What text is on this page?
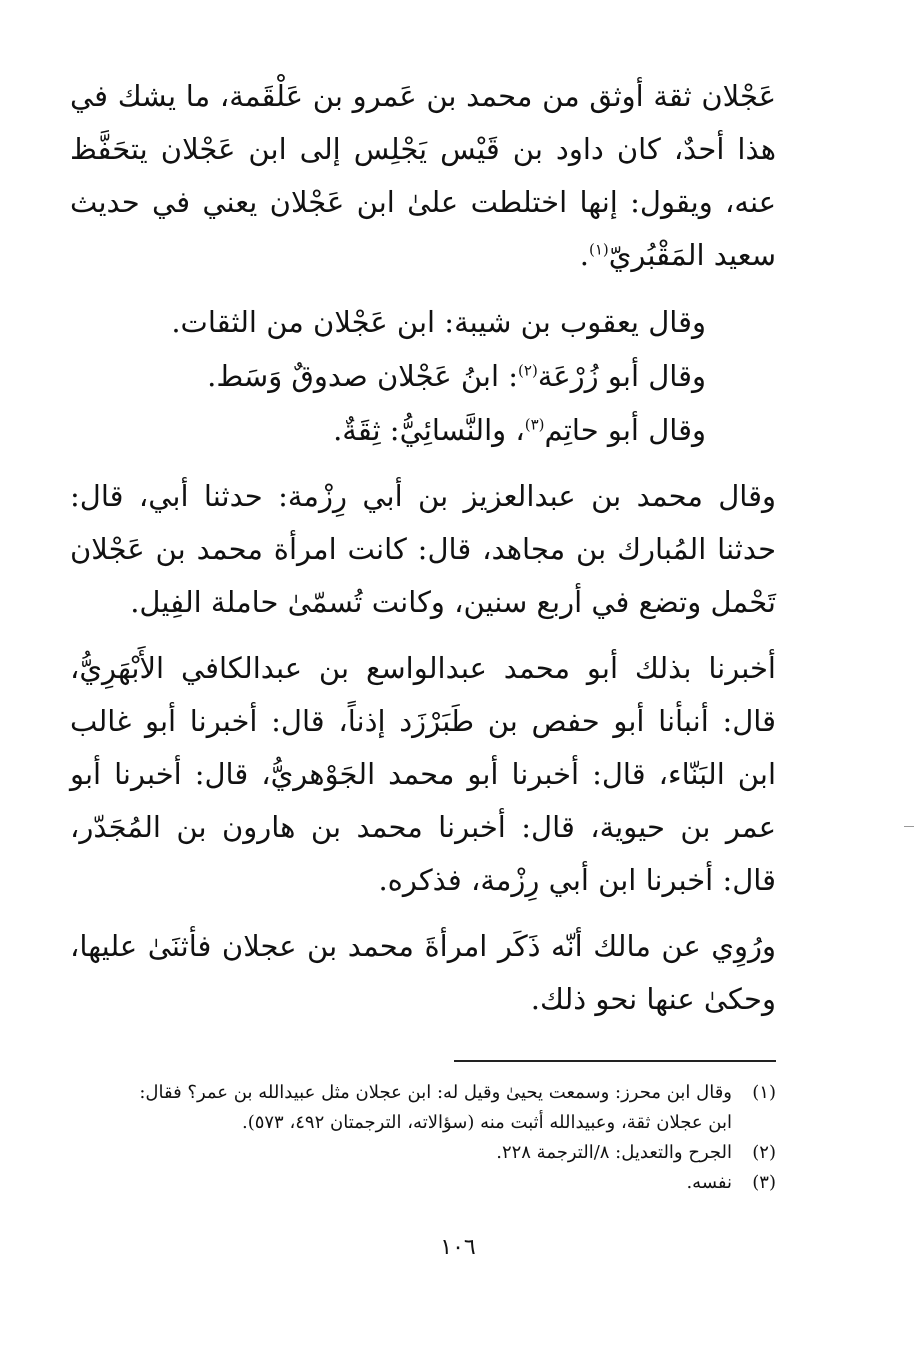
عَجْلان ثقة أوثق من محمد بن عَمرو بن عَلْقَمة، ما يشك في هذا أحدٌ، كان داود بن قَيْس يَجْلِس إلى ابن عَجْلان يتحَفَّظ عنه، ويقول: إنها اختلطت علىٰ ابن عَجْلان يعني في حديث سعيد المَقْبُريّ$^{(١)}$.

وقال يعقوب بن شيبة: ابن عَجْلان من الثقات.

وقال أبو زُرْعَة$^{(٢)}$: ابنُ عَجْلان صدوقٌ وَسَط.

وقال أبو حاتِم$^{(٣)}$، والنَّسائِيُّ: ثِقَةٌ.

وقال محمد بن عبدالعزيز بن أبي رِزْمة: حدثنا أبي، قال: حدثنا المُبارك بن مجاهد، قال: كانت امرأة محمد بن عَجْلان تَحْمل وتضع في أربع سنين، وكانت تُسمّىٰ حاملة الفِيل.

أخبرنا بذلك أبو محمد عبدالواسع بن عبدالكافي الأَبْهَرِيُّ، قال: أنبأنا أبو حفص بن طَبَرْزَد إذناً، قال: أخبرنا أبو غالب ابن البَنّاء، قال: أخبرنا أبو محمد الجَوْهريُّ، قال: أخبرنا أبو عمر بن حيوية، قال: أخبرنا محمد بن هارون بن المُجَدّر، قال: أخبرنا ابن أبي رِزْمة، فذكره.

ورُوِي عن مالك أنّه ذَكَر امرأةَ محمد بن عجلان فأثنَىٰ عليها، وحكىٰ عنها نحو ذلك.

(١)
وقال ابن محرز: وسمعت يحيىٰ وقيل له: ابن عجلان مثل عبيدالله بن عمر؟ فقال:
ابن عجلان ثقة، وعبيدالله أثبت منه (سؤالاته، الترجمتان ٤٩٢، ٥٧٣).
(٢)
الجرح والتعديل: ٨/الترجمة ٢٢٨.
(٣)
نفسه.
١٠٦
